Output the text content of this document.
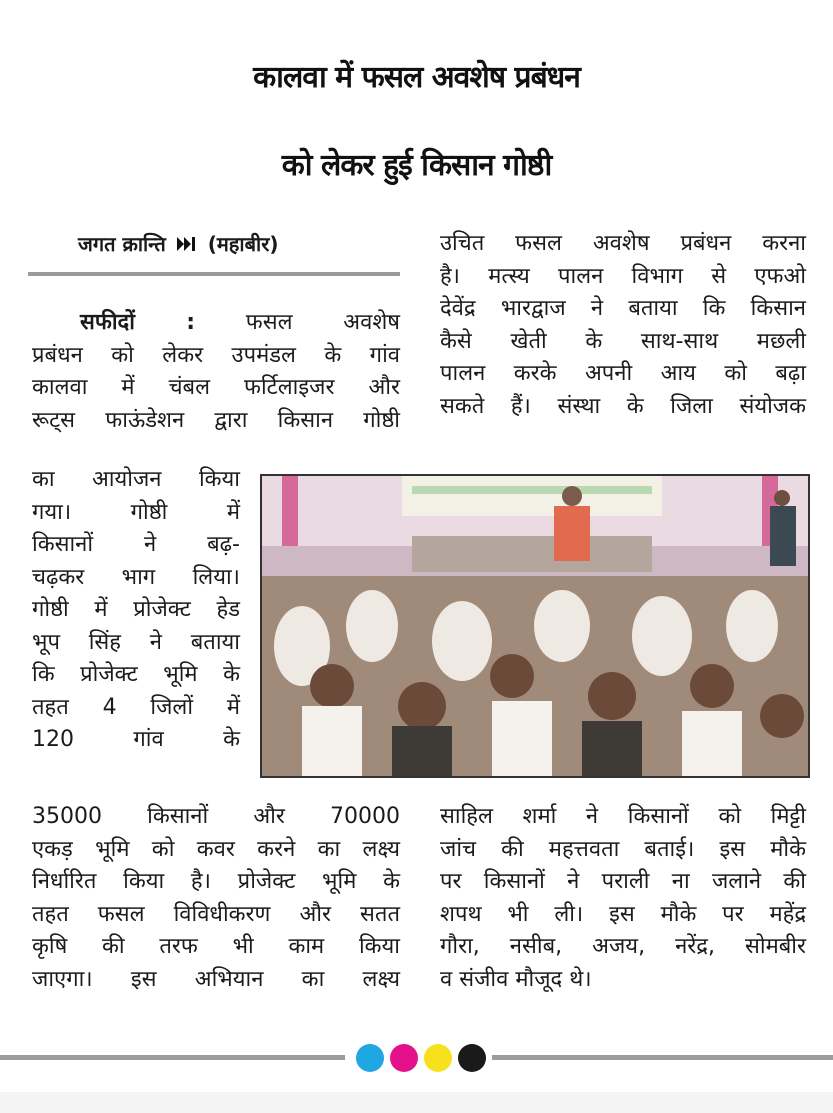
कालवा में फसल अवशेष प्रबंधन
को लेकर हुई किसान गोष्ठी
जगत क्रान्ति (महाबीर)
सफीदों : फसल अवशेष
प्रबंधन को लेकर उपमंडल के गांव
कालवा में चंबल फर्टिलाइजर और
रूट्स फाऊंडेशन द्वारा किसान गोष्ठी
का आयोजन किया
गया। गोष्ठी में
किसानों ने बढ़-
चढ़कर भाग लिया।
गोष्ठी में प्रोजेक्ट हेड
भूप सिंह ने बताया
कि प्रोजेक्ट भूमि के
तहत 4 जिलों में
120 गांव के
35000 किसानों और 70000
एकड़ भूमि को कवर करने का लक्ष्य
निर्धारित किया है। प्रोजेक्ट भूमि के
तहत फसल विविधीकरण और सतत
कृषि की तरफ भी काम किया
जाएगा। इस अभियान का लक्ष्य
उचित फसल अवशेष प्रबंधन करना
है। मत्स्य पालन विभाग से एफओ
देवेंद्र भारद्वाज ने बताया कि किसान
कैसे खेती के साथ-साथ मछली
पालन करके अपनी आय को बढ़ा
सकते हैं। संस्था के जिला संयोजक
साहिल शर्मा ने किसानों को मिट्टी
जांच की महत्तवता बताई। इस मौके
पर किसानों ने पराली ना जलाने की
शपथ भी ली। इस मौके पर महेंद्र
गौरा, नसीब, अजय, नरेंद्र, सोमबीर
व संजीव मौजूद थे।
